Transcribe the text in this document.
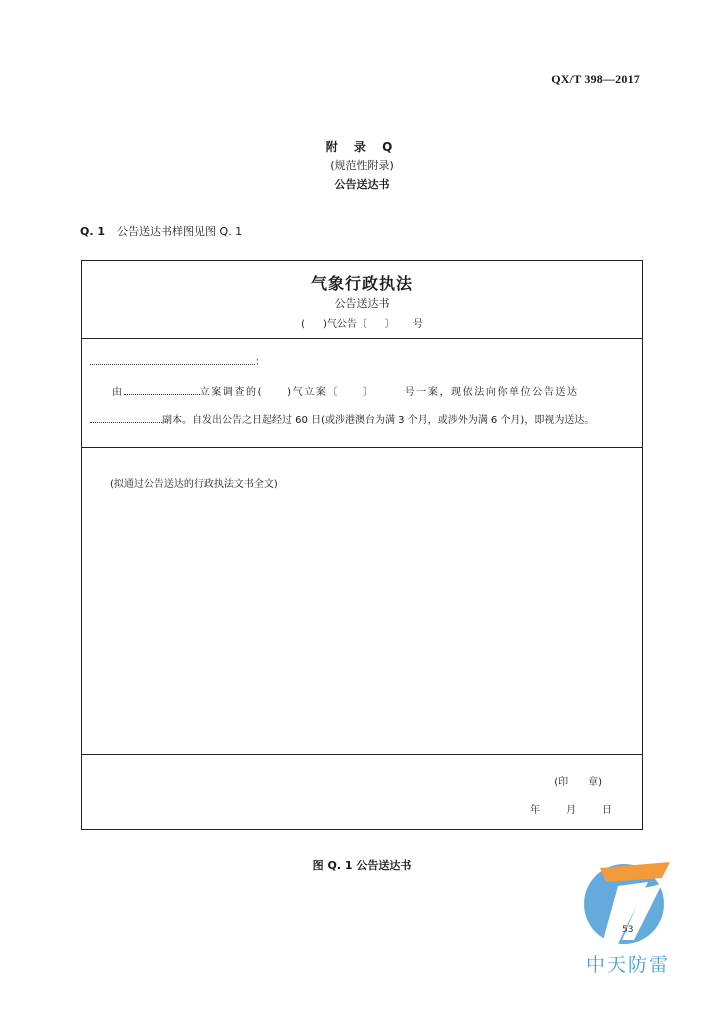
QX/T 398—2017
附 录 Q
(规范性附录)
公告送达书
Q. 1 公告送达书样图见图 Q. 1
气象行政执法
公告送达书
( )气公告〔 〕 号
：
由	立案调查的( )气立案〔 〕	号一案，现依法向你单位公告送达
副本。自发出公告之日起经过 60 日(或涉港澳台为满 3 个月，或涉外为满 6 个月)，即视为送达。
(拟通过公告送达的行政执法文书全文)
(印 章)
年	月	日
图 Q. 1 公告送达书
53
中天防雷
